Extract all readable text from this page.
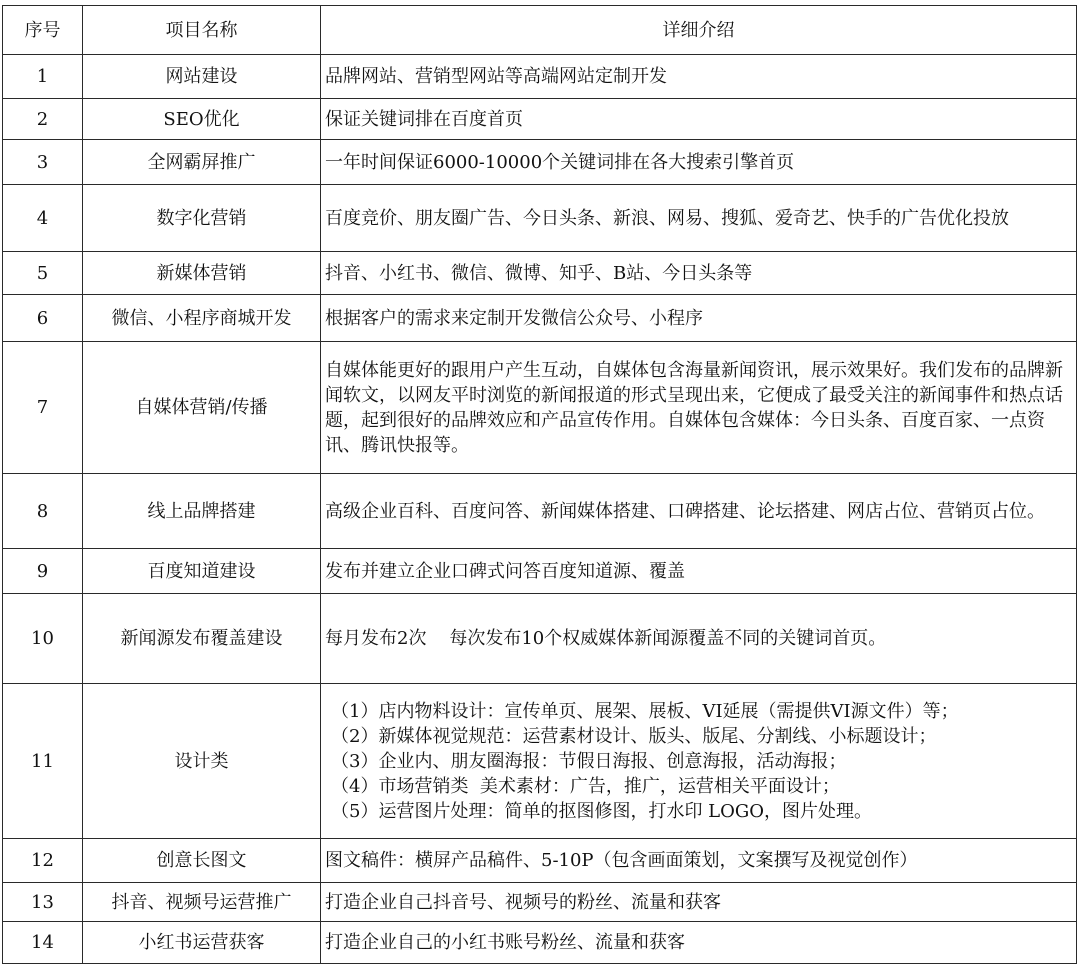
序号	项目名称	详细介绍
1	网站建设	品牌网站、营销型网站等高端网站定制开发
2	SEO优化	保证关键词排在百度首页
3	全网霸屏推广	一年时间保证6000-10000个关键词排在各大搜索引擎首页
4	数字化营销	百度竞价、朋友圈广告、今日头条、新浪、网易、搜狐、爱奇艺、快手的广告优化投放
5	新媒体营销	抖音、小红书、微信、微博、知乎、B站、今日头条等
6	微信、小程序商城开发	根据客户的需求来定制开发微信公众号、小程序
7	自媒体营销/传播	自媒体能更好的跟用户产生互动，自媒体包含海量新闻资讯，展示效果好。我们发布的品牌新闻软文，以网友平时浏览的新闻报道的形式呈现出来，它便成了最受关注的新闻事件和热点话题，起到很好的品牌效应和产品宣传作用。自媒体包含媒体：今日头条、百度百家、一点资讯、腾讯快报等。
8	线上品牌搭建	高级企业百科、百度问答、新闻媒体搭建、口碑搭建、论坛搭建、网店占位、营销页占位。
9	百度知道建设	发布并建立企业口碑式问答百度知道源、覆盖
10	新闻源发布覆盖建设	每月发布2次    每次发布10个权威媒体新闻源覆盖不同的关键词首页。
11	设计类	（1）店内物料设计：宣传单页、展架、展板、VI延展（需提供VI源文件）等；
（2）新媒体视觉规范：运营素材设计、版头、版尾、分割线、小标题设计；
（3）企业内、朋友圈海报：节假日海报、创意海报，活动海报；
（4）市场营销类  美术素材：广告，推广，运营相关平面设计；
（5）运营图片处理：简单的抠图修图，打水印 LOGO，图片处理。

12	创意长图文	图文稿件：横屏产品稿件、5-10P（包含画面策划，文案撰写及视觉创作）
13	抖音、视频号运营推广	打造企业自己抖音号、视频号的粉丝、流量和获客
14	小红书运营获客	打造企业自己的小红书账号粉丝、流量和获客
